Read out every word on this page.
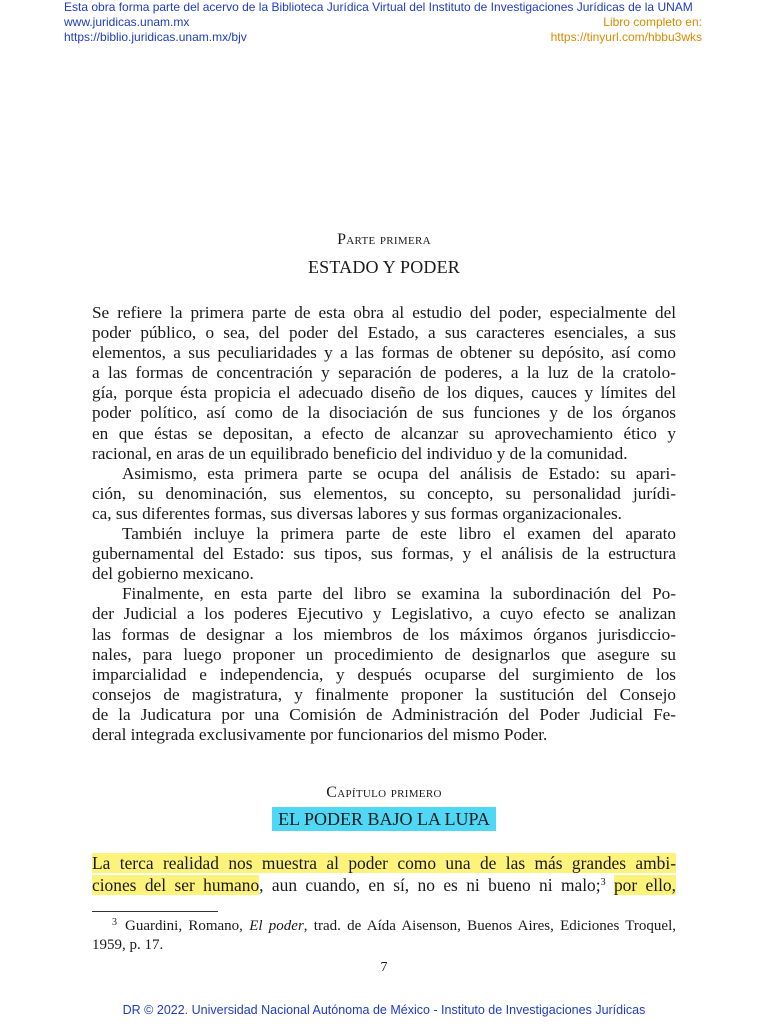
Esta obra forma parte del acervo de la Biblioteca Jurídica Virtual del Instituto de Investigaciones Jurídicas de la UNAM
www.juridicas.unam.mx
https://biblio.juridicas.unam.mx/bjv
Libro completo en:
https://tinyurl.com/hbbu3wks
Parte primera
ESTADO Y PODER
Se refiere la primera parte de esta obra al estudio del poder, especialmente del
poder público, o sea, del poder del Estado, a sus caracteres esenciales, a sus
elementos, a sus peculiaridades y a las formas de obtener su depósito, así como
a las formas de concentración y separación de poderes, a la luz de la cratolo-
gía, porque ésta propicia el adecuado diseño de los diques, cauces y límites del
poder político, así como de la disociación de sus funciones y de los órganos
en que éstas se depositan, a efecto de alcanzar su aprovechamiento ético y
racional, en aras de un equilibrado beneficio del individuo y de la comunidad.
Asimismo, esta primera parte se ocupa del análisis de Estado: su apari-
ción, su denominación, sus elementos, su concepto, su personalidad jurídi-
ca, sus diferentes formas, sus diversas labores y sus formas organizacionales.
También incluye la primera parte de este libro el examen del aparato
gubernamental del Estado: sus tipos, sus formas, y el análisis de la estructura
del gobierno mexicano.
Finalmente, en esta parte del libro se examina la subordinación del Po-
der Judicial a los poderes Ejecutivo y Legislativo, a cuyo efecto se analizan
las formas de designar a los miembros de los máximos órganos jurisdiccio-
nales, para luego proponer un procedimiento de designarlos que asegure su
imparcialidad e independencia, y después ocuparse del surgimiento de los
consejos de magistratura, y finalmente proponer la sustitución del Consejo
de la Judicatura por una Comisión de Administración del Poder Judicial Fe-
deral integrada exclusivamente por funcionarios del mismo Poder.
Capítulo primero
EL PODER BAJO LA LUPA
La terca realidad nos muestra al poder como una de las más grandes ambi-
ciones del ser humano, aun cuando, en sí, no es ni bueno ni malo;$^3$ por ello,
$^3$ Guardini, Romano, El poder, trad. de Aída Aisenson, Buenos Aires, Ediciones Troquel,
1959, p. 17.
7
DR © 2022. Universidad Nacional Autónoma de México - Instituto de Investigaciones Jurídicas
